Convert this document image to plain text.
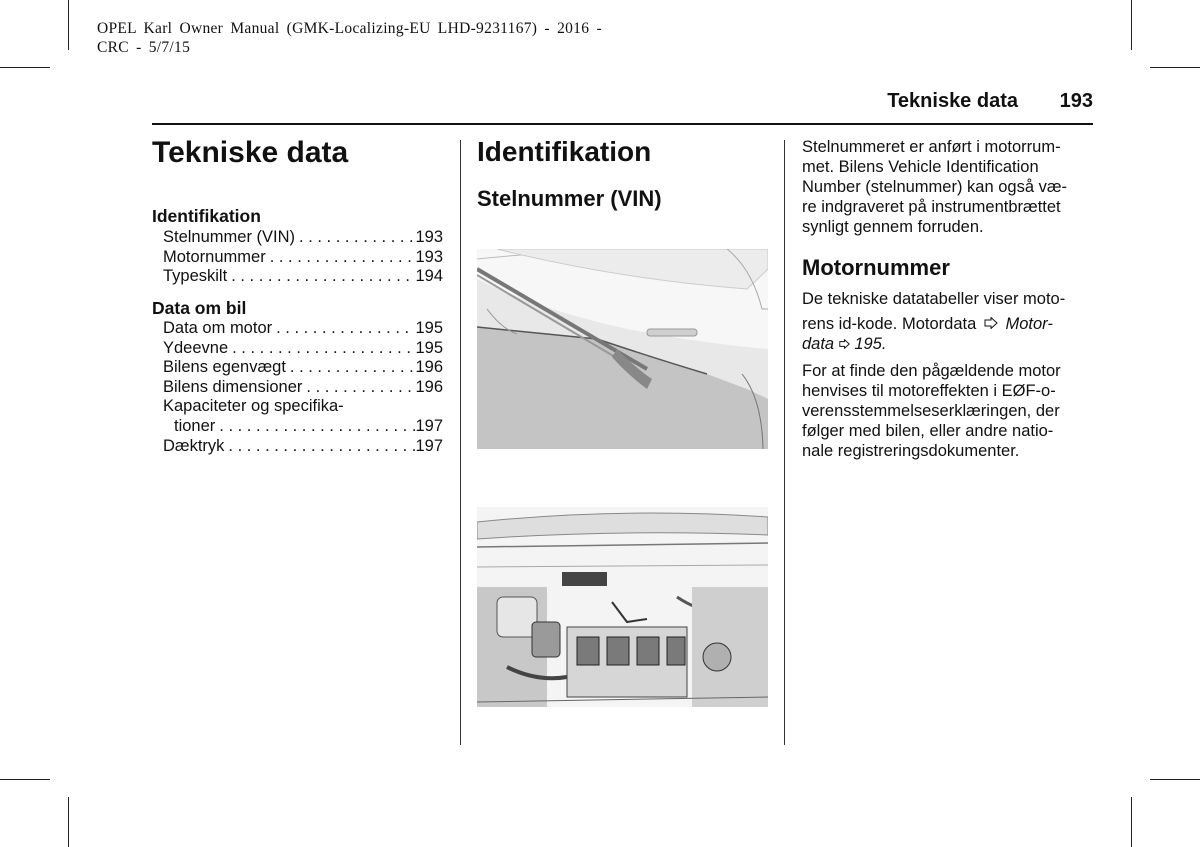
OPEL Karl Owner Manual (GMK-Localizing-EU LHD-9231167) - 2016 -
CRC - 5/7/15
Tekniske data 193
Tekniske data
Identifikation
Stelnummer (VIN) . . .	193
Motornummer . . .	193
Typeskilt . . .	194
Data om bil
Data om motor . . .	195
Ydeevne . . .	195
Bilens egenvægt . . .	196
Bilens dimensioner . . .	196
Kapaciteter og specifika-
tioner . . .	197
Dæktryk . . .	197
Identifikation
Stelnummer (VIN)
Stelnummeret er anført i motorrum-
met. Bilens Vehicle Identification
Number (stelnummer) kan også væ-
re indgraveret på instrumentbrættet
synligt gennem forruden.
Motornummer
De tekniske datatabeller viser moto-
rens id-kode. Motordata Motor-
data 195.
For at finde den pågældende motor
henvises til motoreffekten i EØF-o-
verensstemmelseserklæringen, der
følger med bilen, eller andre natio-
nale registreringsdokumenter.
